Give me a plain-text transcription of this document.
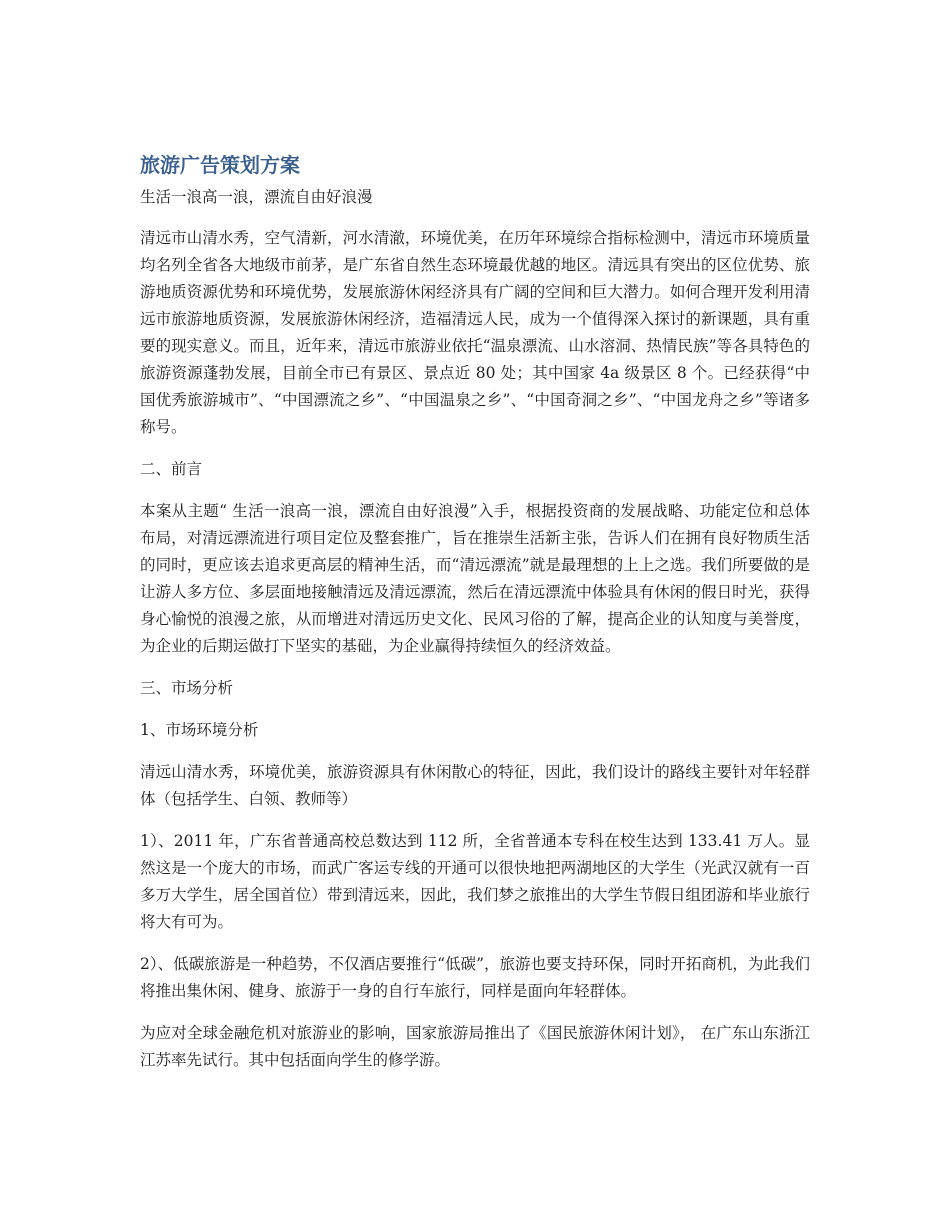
旅游广告策划方案

生活一浪高一浪，漂流自由好浪漫

清远市山清水秀，空气清新，河水清澈，环境优美，在历年环境综合指标检测中，清远市环境质量均名列全省各大地级市前茅，是广东省自然生态环境最优越的地区。清远具有突出的区位优势、旅游地质资源优势和环境优势，发展旅游休闲经济具有广阔的空间和巨大潜力。如何合理开发利用清远市旅游地质资源，发展旅游休闲经济，造福清远人民，成为一个值得深入探讨的新课题，具有重要的现实意义。而且，近年来，清远市旅游业依托“温泉漂流、山水溶洞、热情民族”等各具特色的旅游资源蓬勃发展，目前全市已有景区、景点近 80 处；其中国家 4a 级景区 8 个。已经获得“中国优秀旅游城市”、“中国漂流之乡”、“中国温泉之乡”、“中国奇洞之乡”、“中国龙舟之乡”等诸多称号。

二、前言

本案从主题“ 生活一浪高一浪，漂流自由好浪漫”入手，根据投资商的发展战略、功能定位和总体布局，对清远漂流进行项目定位及整套推广，旨在推崇生活新主张，告诉人们在拥有良好物质生活的同时，更应该去追求更高层的精神生活，而“清远漂流”就是最理想的上上之选。我们所要做的是让游人多方位、多层面地接触清远及清远漂流，然后在清远漂流中体验具有休闲的假日时光，获得身心愉悦的浪漫之旅，从而增进对清远历史文化、民风习俗的了解，提高企业的认知度与美誉度，为企业的后期运做打下坚实的基础，为企业赢得持续恒久的经济效益。

三、市场分析

1、市场环境分析

清远山清水秀，环境优美，旅游资源具有休闲散心的特征，因此，我们设计的路线主要针对年轻群体（包括学生、白领、教师等）

1）、2011 年，广东省普通高校总数达到 112 所，全省普通本专科在校生达到 133.41 万人。显然这是一个庞大的市场，而武广客运专线的开通可以很快地把两湖地区的大学生（光武汉就有一百多万大学生，居全国首位）带到清远来，因此，我们梦之旅推出的大学生节假日组团游和毕业旅行将大有可为。

2）、低碳旅游是一种趋势，不仅酒店要推行“低碳”，旅游也要支持环保，同时开拓商机，为此我们将推出集休闲、健身、旅游于一身的自行车旅行，同样是面向年轻群体。

为应对全球金融危机对旅游业的影响，国家旅游局推出了《国民旅游休闲计划》， 在广东山东浙江江苏率先试行。其中包括面向学生的修学游。
